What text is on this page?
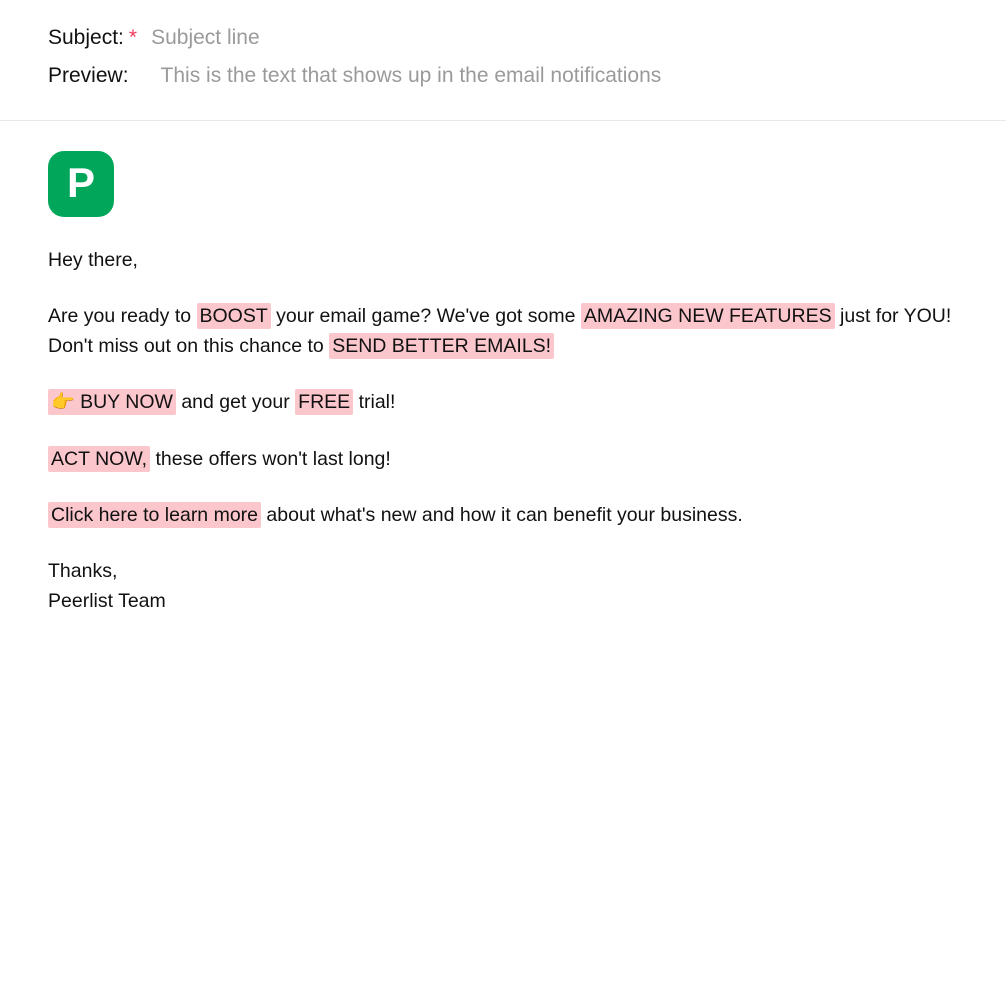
Subject: *
Subject line
Preview:
This is the text that shows up in the email notifications
P

Hey there,

Are you ready to BOOST your email game? We've got some AMAZING NEW FEATURES just for YOU! Don't miss out on this chance to SEND BETTER EMAILS!

👉 BUY NOW and get your FREE trial!

ACT NOW, these offers won't last long!

Click here to learn more about what's new and how it can benefit your business.

Thanks,

Peerlist Team
